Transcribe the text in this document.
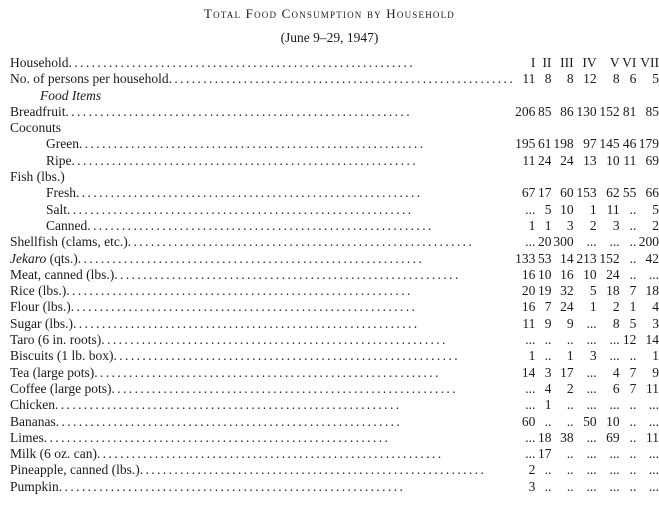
Total Food Consumption by Household
(June 9–29, 1947)
Household............................................................	I	II	III	IV	V	VI	VII
No. of persons per household............................................................	11	8	8	12	8	6	5
Food Items							
Breadfruit............................................................	206	85	86	130	152	81	85
Coconuts							
Green............................................................	195	61	198	97	145	46	179
Ripe............................................................	11	24	24	13	10	11	69
Fish (lbs.)							
Fresh............................................................	67	17	60	153	62	55	66
Salt............................................................	...	5	10	1	11	..	5
Canned............................................................	1	1	3	2	3	..	2
Shellfish (clams, etc.)............................................................	...	20	300	...	...	..	200
Jekaro (qts.)............................................................	133	53	14	213	152	..	42
Meat, canned (lbs.)............................................................	16	10	16	10	24	..	...
Rice (lbs.)............................................................	20	19	32	5	18	7	18
Flour (lbs.)............................................................	16	7	24	1	2	1	4
Sugar (lbs.)............................................................	11	9	9	...	8	5	3
Taro (6 in. roots)............................................................	...	..	..	...	...	12	14
Biscuits (1 lb. box)............................................................	1	..	1	3	...	..	1
Tea (large pots)............................................................	14	3	17	...	4	7	9
Coffee (large pots)............................................................	...	4	2	...	6	7	11
Chicken............................................................	...	1	..	...	...	..	...
Bananas............................................................	60	..	..	50	10	..	...
Limes............................................................	...	18	38	...	69	..	11
Milk (6 oz. can)............................................................	...	17	..	...	...	..	...
Pineapple, canned (lbs.)............................................................	2	..	..	...	...	..	...
Pumpkin............................................................	3	..	..	...	...	..	...
